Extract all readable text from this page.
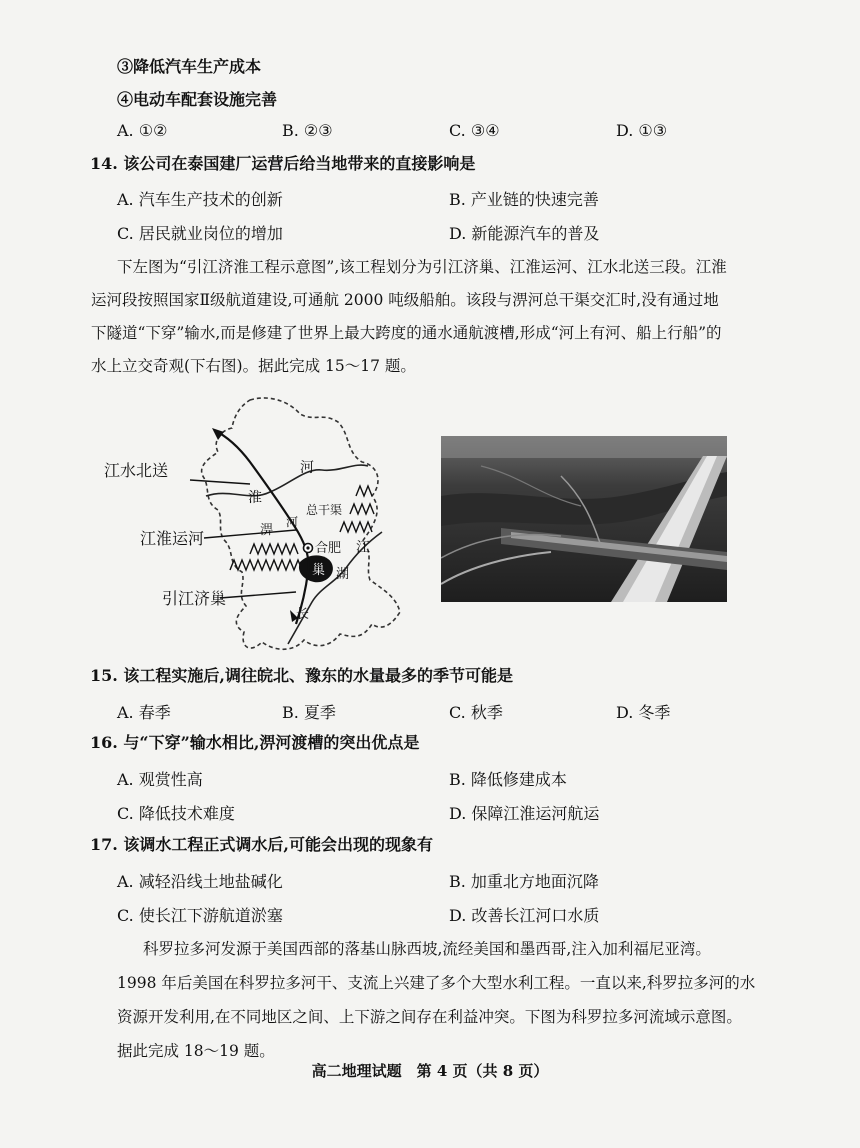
③降低汽车生产成本
④电动车配套设施完善
A. ①②	B. ②③	C. ③④	D. ①③
14. 该公司在泰国建厂运营后给当地带来的直接影响是
A. 汽车生产技术的创新	B. 产业链的快速完善
C. 居民就业岗位的增加	D. 新能源汽车的普及
下左图为“引江济淮工程示意图”,该工程划分为引江济巢、江淮运河、江水北送三段。江淮
运河段按照国家Ⅱ级航道建设,可通航 2000 吨级船舶。该段与淠河总干渠交汇时,没有通过地
下隧道“下穿”输水,而是修建了世界上最大跨度的通水通航渡槽,形成“河上有河、船上行船”的
水上立交奇观(下右图)。据此完成 15～17 题。
江水北送
江淮运河
引江济巢
河
淮
总干渠
淠
河
合肥 江
巢 湖
长
15. 该工程实施后,调往皖北、豫东的水量最多的季节可能是
A. 春季	B. 夏季	C. 秋季	D. 冬季
16. 与“下穿”输水相比,淠河渡槽的突出优点是
A. 观赏性高	B. 降低修建成本
C. 降低技术难度	D. 保障江淮运河航运
17. 该调水工程正式调水后,可能会出现的现象有
A. 减轻沿线土地盐碱化	B. 加重北方地面沉降
C. 使长江下游航道淤塞	D. 改善长江河口水质
科罗拉多河发源于美国西部的落基山脉西坡,流经美国和墨西哥,注入加利福尼亚湾。
1998 年后美国在科罗拉多河干、支流上兴建了多个大型水利工程。一直以来,科罗拉多河的水
资源开发利用,在不同地区之间、上下游之间存在利益冲突。下图为科罗拉多河流域示意图。
据此完成 18～19 题。
高二地理试题　第 4 页（共 8 页）
